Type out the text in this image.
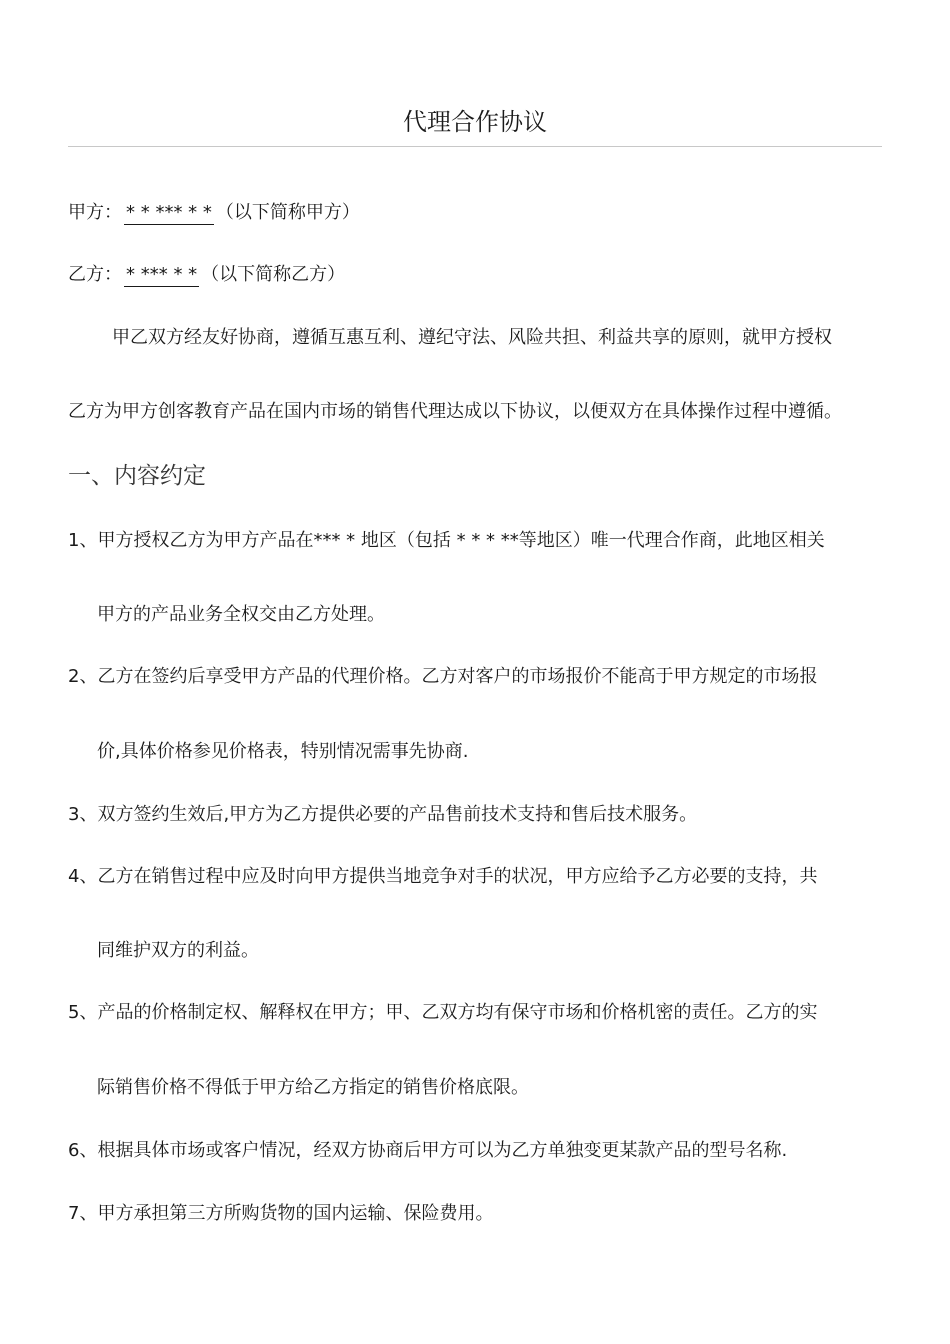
代理合作协议
甲方： * * *** * * （以下简称甲方）
乙方： * *** * * （以下简称乙方）
甲乙双方经友好协商，遵循互惠互利、遵纪守法、风险共担、利益共享的原则，就甲方授权
乙方为甲方创客教育产品在国内市场的销售代理达成以下协议，以便双方在具体操作过程中遵循。
一、内容约定
1、甲方授权乙方为甲方产品在*** * 地区（包括 * * * **等地区）唯一代理合作商，此地区相关
甲方的产品业务全权交由乙方处理。
2、乙方在签约后享受甲方产品的代理价格。乙方对客户的市场报价不能高于甲方规定的市场报
价,具体价格参见价格表，特别情况需事先协商.
3、双方签约生效后,甲方为乙方提供必要的产品售前技术支持和售后技术服务。
4、乙方在销售过程中应及时向甲方提供当地竞争对手的状况，甲方应给予乙方必要的支持，共
同维护双方的利益。
5、产品的价格制定权、解释权在甲方；甲、乙双方均有保守市场和价格机密的责任。乙方的实
际销售价格不得低于甲方给乙方指定的销售价格底限。
6、根据具体市场或客户情况，经双方协商后甲方可以为乙方单独变更某款产品的型号名称.
7、甲方承担第三方所购货物的国内运输、保险费用。
